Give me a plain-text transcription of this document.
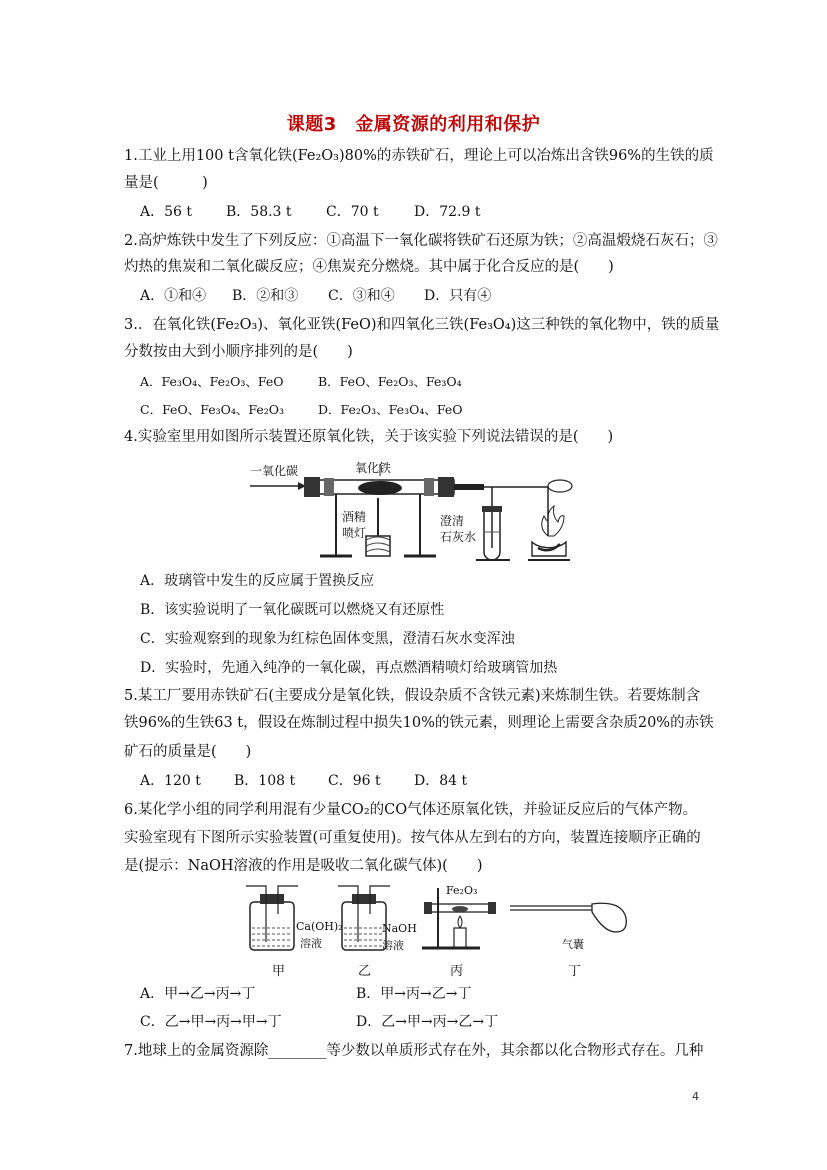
课题3　金属资源的利用和保护
1.工业上用100 t含氧化铁(Fe₂O₃)80%的赤铁矿石，理论上可以冶炼出含铁96%的生铁的质
量是(　　　)
A．56 t B．58.3 t C．70 t	D．72.9 t
2.高炉炼铁中发生了下列反应：①高温下一氧化碳将铁矿石还原为铁；②高温煅烧石灰石；③
灼热的焦炭和二氧化碳反应；④焦炭充分燃烧。其中属于化合反应的是(　　)
A．①和④ B．②和③ C．③和④ D．只有④
3.．在氧化铁(Fe₂O₃)、氧化亚铁(FeO)和四氧化三铁(Fe₃O₄)这三种铁的氧化物中，铁的质量
分数按由大到小顺序排列的是(　　)
A．Fe₃O₄、Fe₂O₃、FeO	B．FeO、Fe₂O₃、Fe₃O₄
C．FeO、Fe₃O₄、Fe₂O₃	D．Fe₂O₃、Fe₃O₄、FeO
4.实验室里用如图所示装置还原氧化铁，关于该实验下列说法错误的是(　　)
一氧化碳	氧化铁
酒精
喷灯
澄清
石灰水
A．玻璃管中发生的反应属于置换反应
B．该实验说明了一氧化碳既可以燃烧又有还原性
C．实验观察到的现象为红棕色固体变黑，澄清石灰水变浑浊
D．实验时，先通入纯净的一氧化碳，再点燃酒精喷灯给玻璃管加热
5.某工厂要用赤铁矿石(主要成分是氧化铁，假设杂质不含铁元素)来炼制生铁。若要炼制含
铁96%的生铁63 t，假设在炼制过程中损失10%的铁元素，则理论上需要含杂质20%的赤铁
矿石的质量是(　　)
A．120 t B．108 t C．96 t D．84 t
6.某化学小组的同学利用混有少量CO₂的CO气体还原氧化铁，并验证反应后的气体产物。
实验室现有下图所示实验装置(可重复使用)。按气体从左到右的方向，装置连接顺序正确的
是(提示：NaOH溶液的作用是吸收二氧化碳气体)(　　)
Ca(OH)₂
溶液
NaOH
溶液
Fe₂O₃
气囊
甲	乙	丙	丁
A．甲→乙→丙→丁	B．甲→丙→乙→丁
C．乙→甲→丙→甲→丁	D．乙→甲→丙→乙→丁
7.地球上的金属资源除________等少数以单质形式存在外，其余都以化合物形式存在。几种
4
